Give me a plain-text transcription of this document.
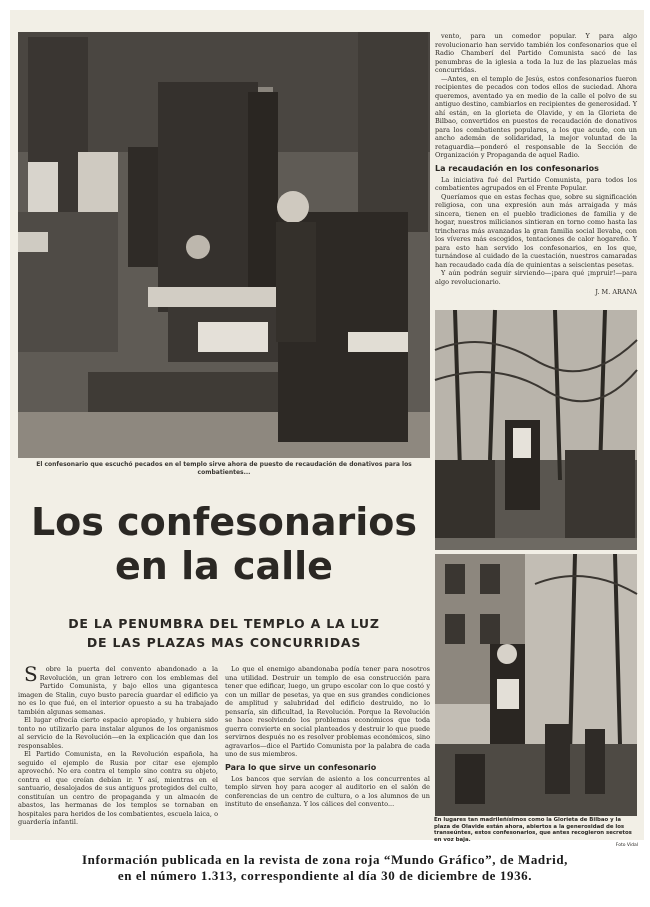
El confesonario que escuchó pecados en el templo sirve ahora de puesto de recaudación de donativos para los combatientes...
Los confesonarios
en la calle
DE LA PENUMBRA DEL TEMPLO A LA LUZ
DE LAS PLAZAS MAS CONCURRIDAS

S obre la puerta del convento abandonado a la Revolución, un gran letrero con los emblemas del Partido Comunista, y bajo ellos una gigantesca imagen de Stalin, cuyo busto parecía guardar el edificio ya no es lo que fué, en el interior opuesto a su ha trabajado también algunas semanas.

El lugar ofrecía cierto espacio apropiado, y hubiera sido tonto no utilizarlo para instalar algunos de los organismos al servicio de la Revolución—en la explicación que dan los responsables.

El Partido Comunista, en la Revolución española, ha seguido el ejemplo de Rusia por citar ese ejemplo aprovechó. No era contra el templo sino contra su objeto, contra el que creían debían ir. Y así, mientras en el santuario, desalojados de sus antiguos protegidos del culto, constituían un centro de propaganda y un almacén de abastos, las hermanas de los templos se tornaban en hospitales para heridos de los combatientes, escuela laica, o guardería infantil.

Lo que el enemigo abandonaba podía tener para nosotros una utilidad. Destruir un templo de esa construcción para tener que edificar, luego, un grupo escolar con lo que costó y con un millar de pesetas, ya que en sus grandes condiciones de amplitud y salubridad del edificio destruido, no lo pensaría, sin dificultad, la Revolución. Porque la Revolución se hace resolviendo los problemas económicos que toda guerra convierte en social planteados y destruir lo que puede servirnos después no es resolver problemas económicos, sino agravarlos—dice el Partido Comunista por la palabra de cada uno de sus miembros.

Para lo que sirve un confesonario

Los bancos que servían de asiento a los concurrentes al templo sirven hoy para acoger al auditorio en el salón de conferencias de un centro de cultura, o a los alumnos de un instituto de enseñanza. Y los cálices del convento...

vento, para un comedor popular. Y para algo revolucionario han servido también los confesonarios que el Radio Chamberí del Partido Comunista sacó de las penumbras de la iglesia a toda la luz de las plazuelas más concurridas.

—Antes, en el templo de Jesús, estos confesonarios fueron recipientes de pecados con todos ellos de suciedad. Ahora queremos, aventado ya en medio de la calle el polvo de su antiguo destino, cambiarlos en recipientes de generosidad. Y ahí están, en la glorieta de Olavide, y en la Glorieta de Bilbao, convertidos en puestos de recaudación de donativos para los combatientes populares, a los que acude, con un ancho ademán de solidaridad, la mejor voluntad de la retaguardia—ponderó el responsable de la Sección de Organización y Propaganda de aquel Radio.

La recaudación en los confesonarios

La iniciativa fué del Partido Comunista, para todos los combatientes agrupados en el Frente Popular.

Queríamos que en estas fechas que, sobre su significación religiosa, con una expresión aun más arraigada y más sincera, tienen en el pueblo tradiciones de familia y de hogar, nuestros milicianos sintieran en torno como hasta las trincheras más avanzadas la gran familia social llevaba, con los víveres más escogidos, tentaciones de calor hogareño. Y para esto han servido los confesonarios, en los que, turnándose al cuidado de la cuestación, nuestros camaradas han recaudado cada día de quinientas a seiscientas pesetas.

Y aún podrán seguir sirviendo—¡para qué ¡mpruir!—para algo revolucionario.

J. M. ARANA
En lugares tan madrileñísimos como la Glorieta de Bilbao y la plaza de Olavide están ahora, abiertos a la generosidad de los transeúntes, estos confesonarios, que antes recogieron secretos en voz baja.
Foto Vidal

Información publicada en la revista de zona roja “Mundo Gráfico”, de Madrid,
en el número 1.313, correspondiente al día 30 de diciembre de 1936.
